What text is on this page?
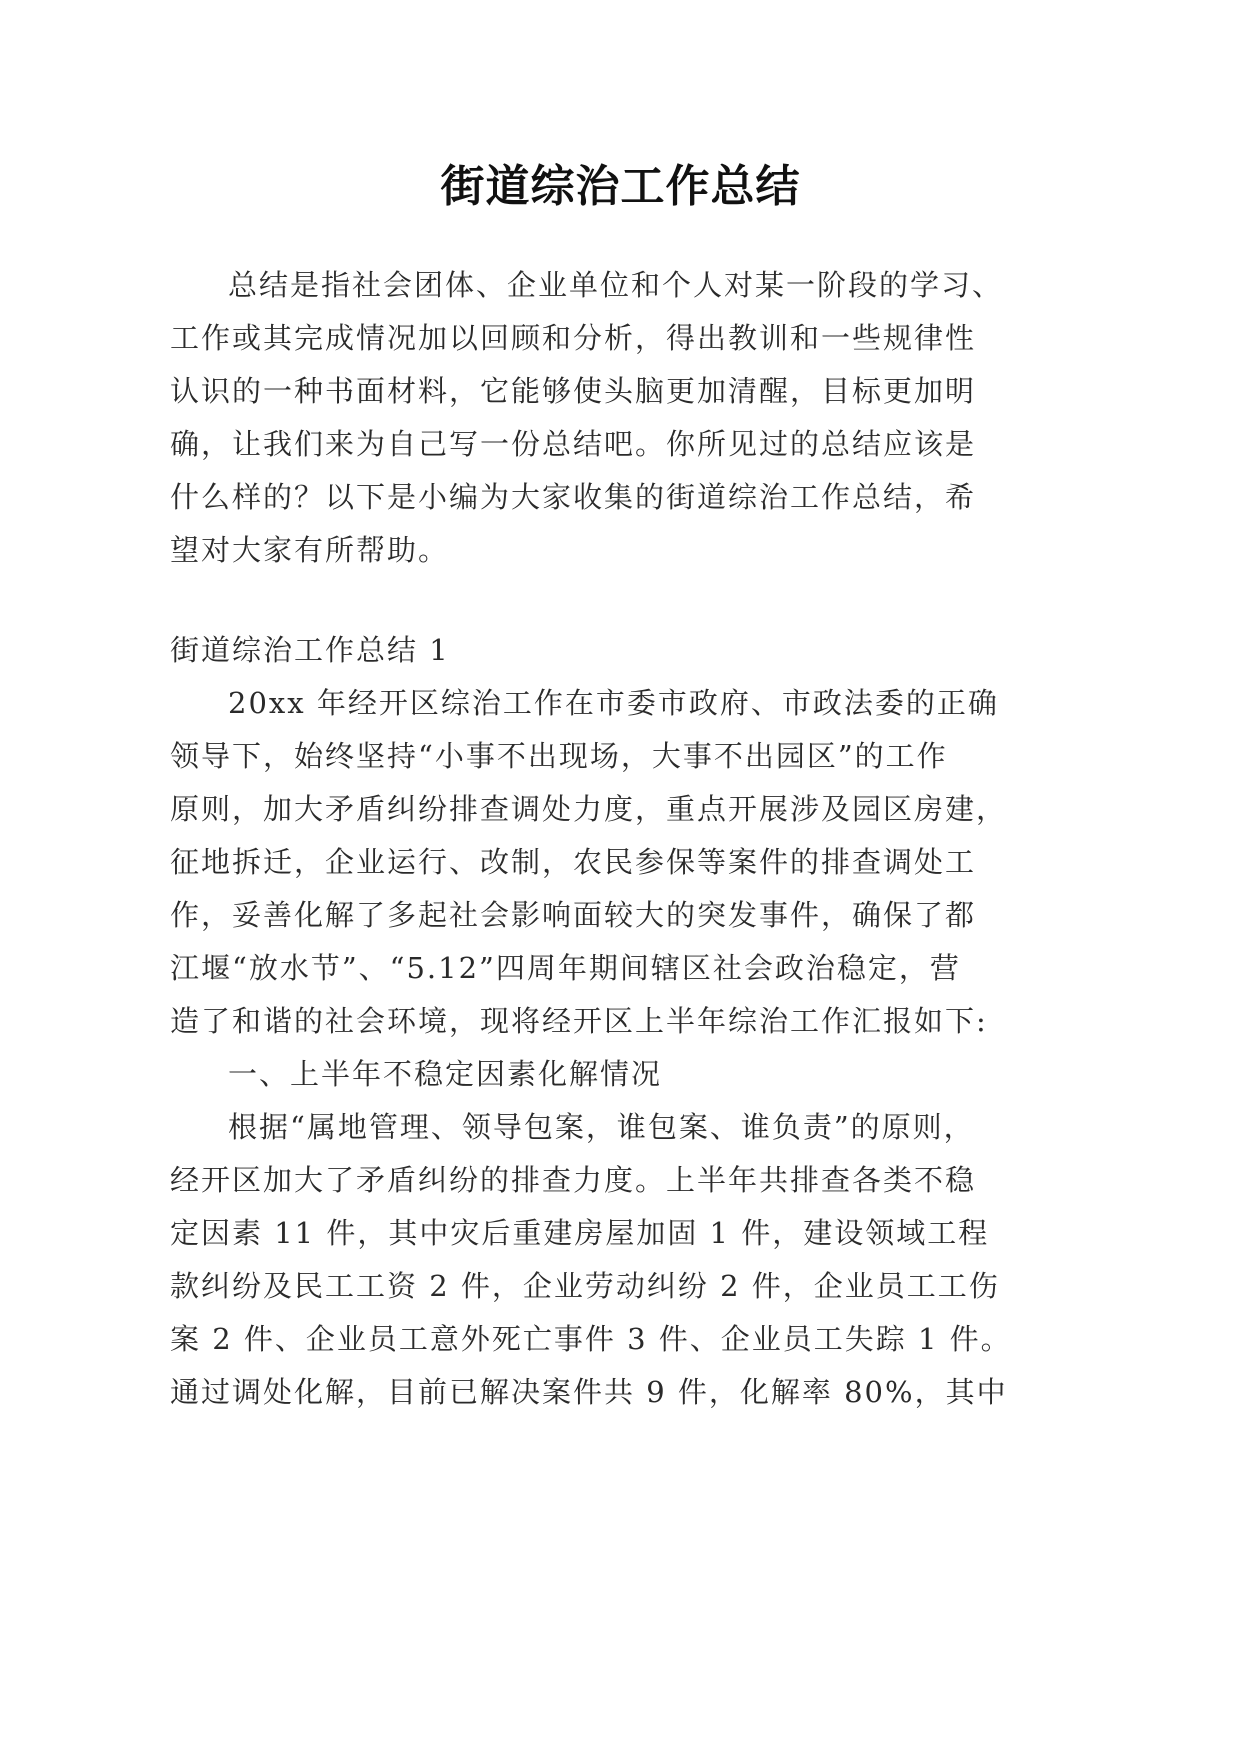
街道综治工作总结
总结是指社会团体、企业单位和个人对某一阶段的学习、
工作或其完成情况加以回顾和分析，得出教训和一些规律性
认识的一种书面材料，它能够使头脑更加清醒，目标更加明
确，让我们来为自己写一份总结吧。你所见过的总结应该是
什么样的？以下是小编为大家收集的街道综治工作总结，希
望对大家有所帮助。
街道综治工作总结 1
20xx 年经开区综治工作在市委市政府、市政法委的正确
领导下，始终坚持“小事不出现场，大事不出园区”的工作
原则，加大矛盾纠纷排查调处力度，重点开展涉及园区房建，
征地拆迁，企业运行、改制，农民参保等案件的排查调处工
作，妥善化解了多起社会影响面较大的突发事件，确保了都
江堰“放水节”、“5.12”四周年期间辖区社会政治稳定，营
造了和谐的社会环境，现将经开区上半年综治工作汇报如下:
一、上半年不稳定因素化解情况
根据“属地管理、领导包案，谁包案、谁负责”的原则，
经开区加大了矛盾纠纷的排查力度。上半年共排查各类不稳
定因素 11 件，其中灾后重建房屋加固 1 件，建设领域工程
款纠纷及民工工资 2 件，企业劳动纠纷 2 件，企业员工工伤
案 2 件、企业员工意外死亡事件 3 件、企业员工失踪 1 件。
通过调处化解，目前已解决案件共 9 件，化解率 80%，其中
